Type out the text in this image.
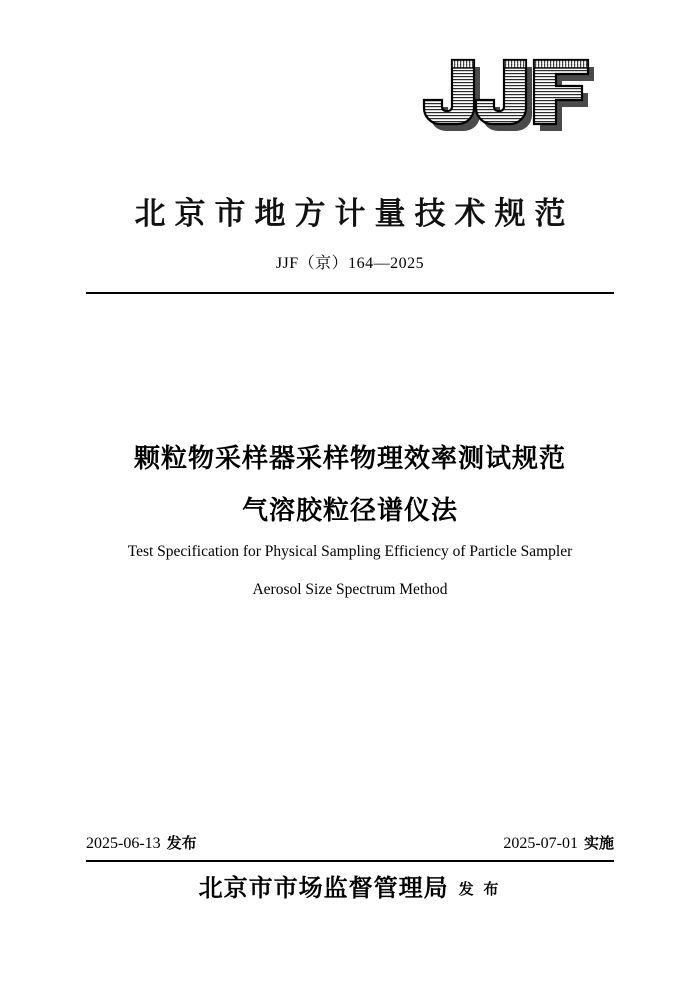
北京市地方计量技术规范
JJF（京）164—2025
颗粒物采样器采样物理效率测试规范
气溶胶粒径谱仪法
Test Specification for Physical Sampling Efficiency of Particle Sampler
Aerosol Size Spectrum Method
2025-06-13 发布	2025-07-01 实施
北京市市场监督管理局 发 布
